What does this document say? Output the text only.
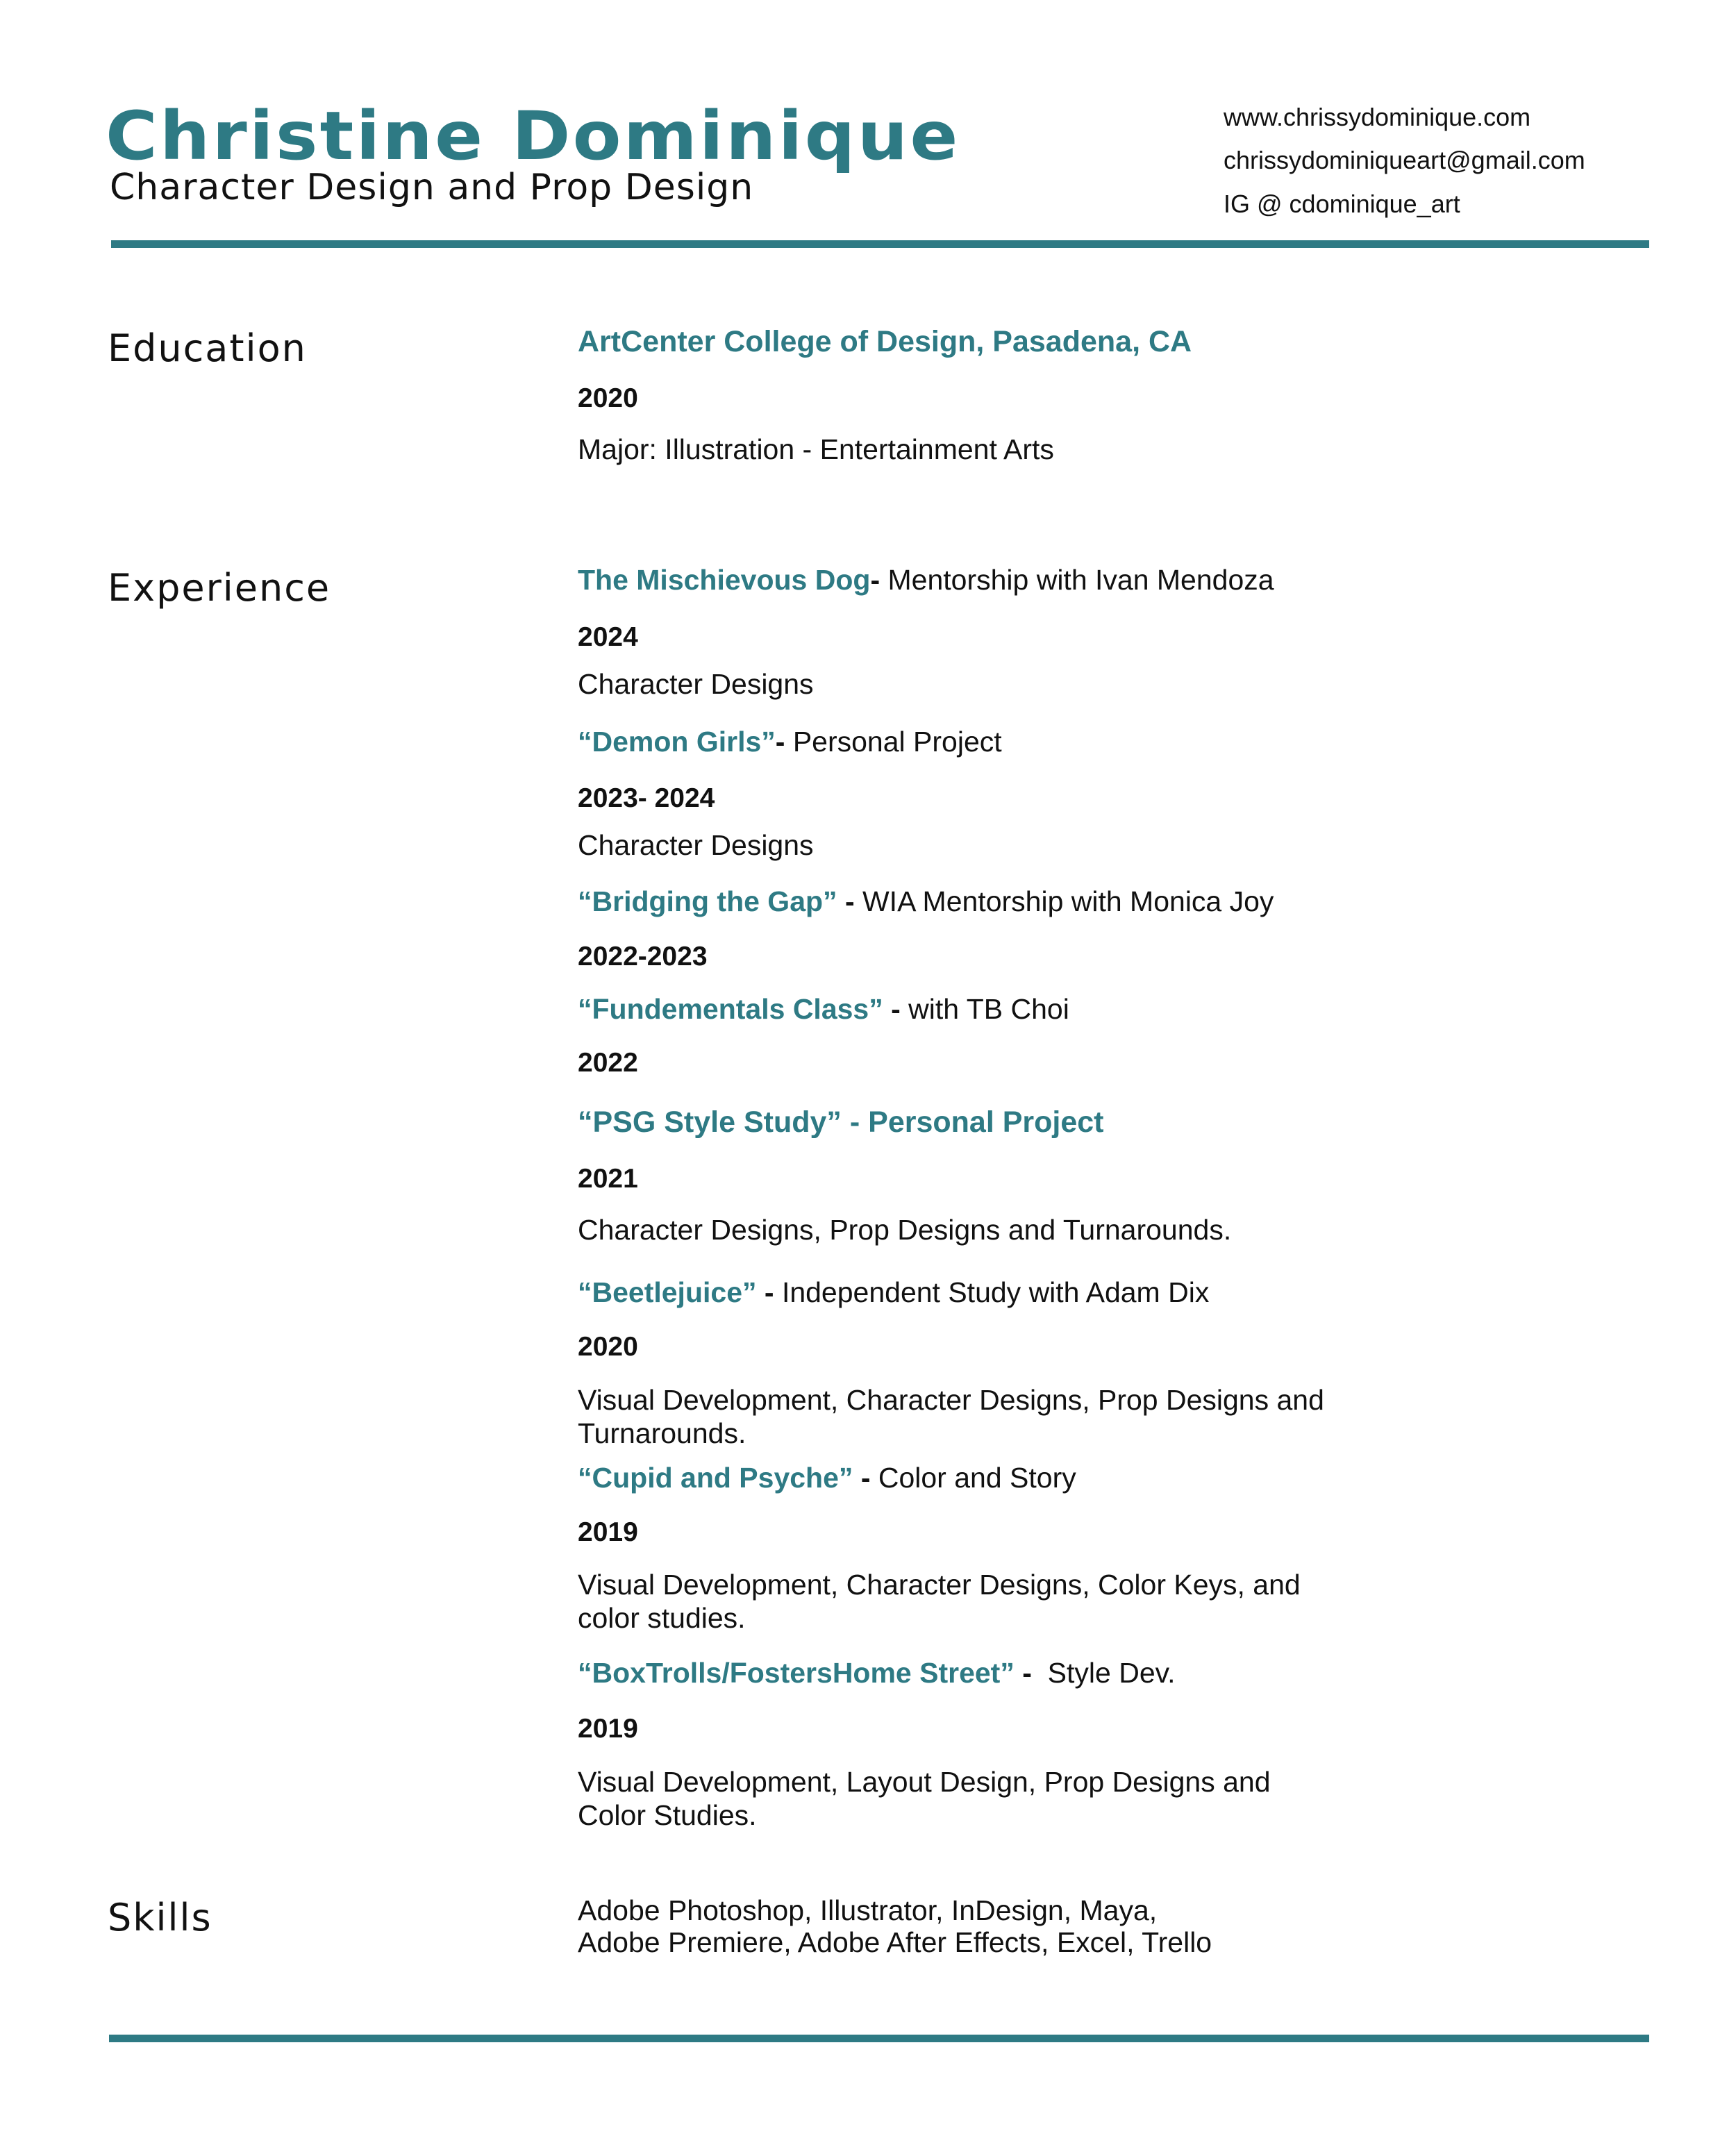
Christine Dominique
Character Design and Prop Design
www.chrissydominique.com
chrissydominiqueart@gmail.com
IG @ cdominique_art
Education	ArtCenter College of Design, Pasadena, CA
2020
Major: Illustration - Entertainment Arts
Experience	The Mischievous Dog- Mentorship with Ivan Mendoza
2024
Character Designs
“Demon Girls”- Personal Project
2023- 2024
Character Designs
“Bridging the Gap” - WIA Mentorship with Monica Joy
2022-2023
“Fundementals Class” - with TB Choi
2022
“PSG Style Study” - Personal Project
2021
Character Designs, Prop Designs and Turnarounds.
“Beetlejuice” - Independent Study with Adam Dix
2020
Visual Development, Character Designs, Prop Designs and Turnarounds.
“Cupid and Psyche” - Color and Story
2019
Visual Development, Character Designs, Color Keys, and color studies.
“BoxTrolls/FostersHome Street” -  Style Dev.
2019
Visual Development, Layout Design, Prop Designs and Color Studies.
Skills	Adobe Photoshop, Illustrator, InDesign, Maya,
Adobe Premiere, Adobe After Effects, Excel, Trello
